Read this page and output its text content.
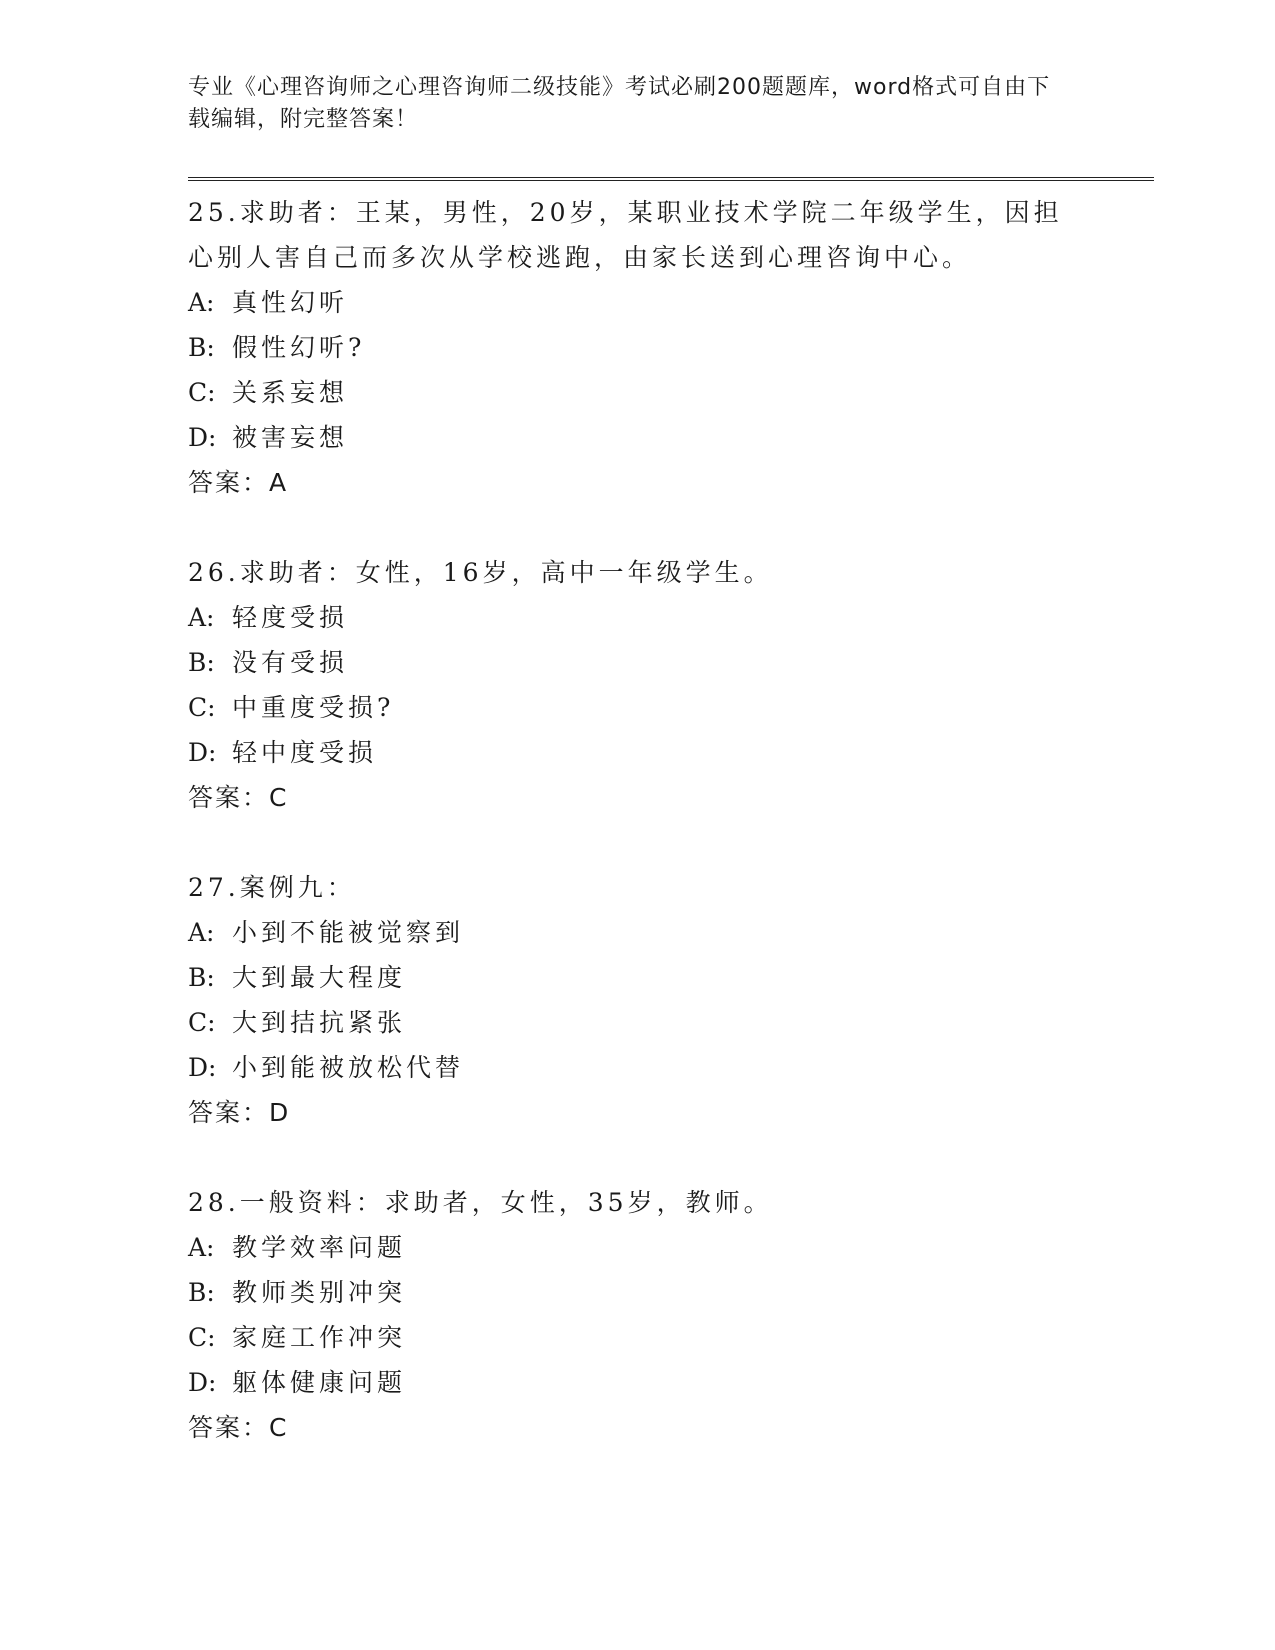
专业《心理咨询师之心理咨询师二级技能》考试必刷200题题库，word格式可自由下载编辑，附完整答案！

25.求助者：王某，男性，20岁，某职业技术学院二年级学生，因担心别人害自己而多次从学校逃跑，由家长送到心理咨询中心。

A: 真性幻听
B: 假性幻听?
C: 关系妄想
D: 被害妄想
答案：A

26.求助者：女性，16岁，高中一年级学生。

A: 轻度受损
B: 没有受损
C: 中重度受损?
D: 轻中度受损
答案：C

27.案例九：

A: 小到不能被觉察到
B: 大到最大程度
C: 大到拮抗紧张
D: 小到能被放松代替
答案：D

28.一般资料：求助者，女性，35岁，教师。

A: 教学效率问题
B: 教师类别冲突
C: 家庭工作冲突
D: 躯体健康问题
答案：C
